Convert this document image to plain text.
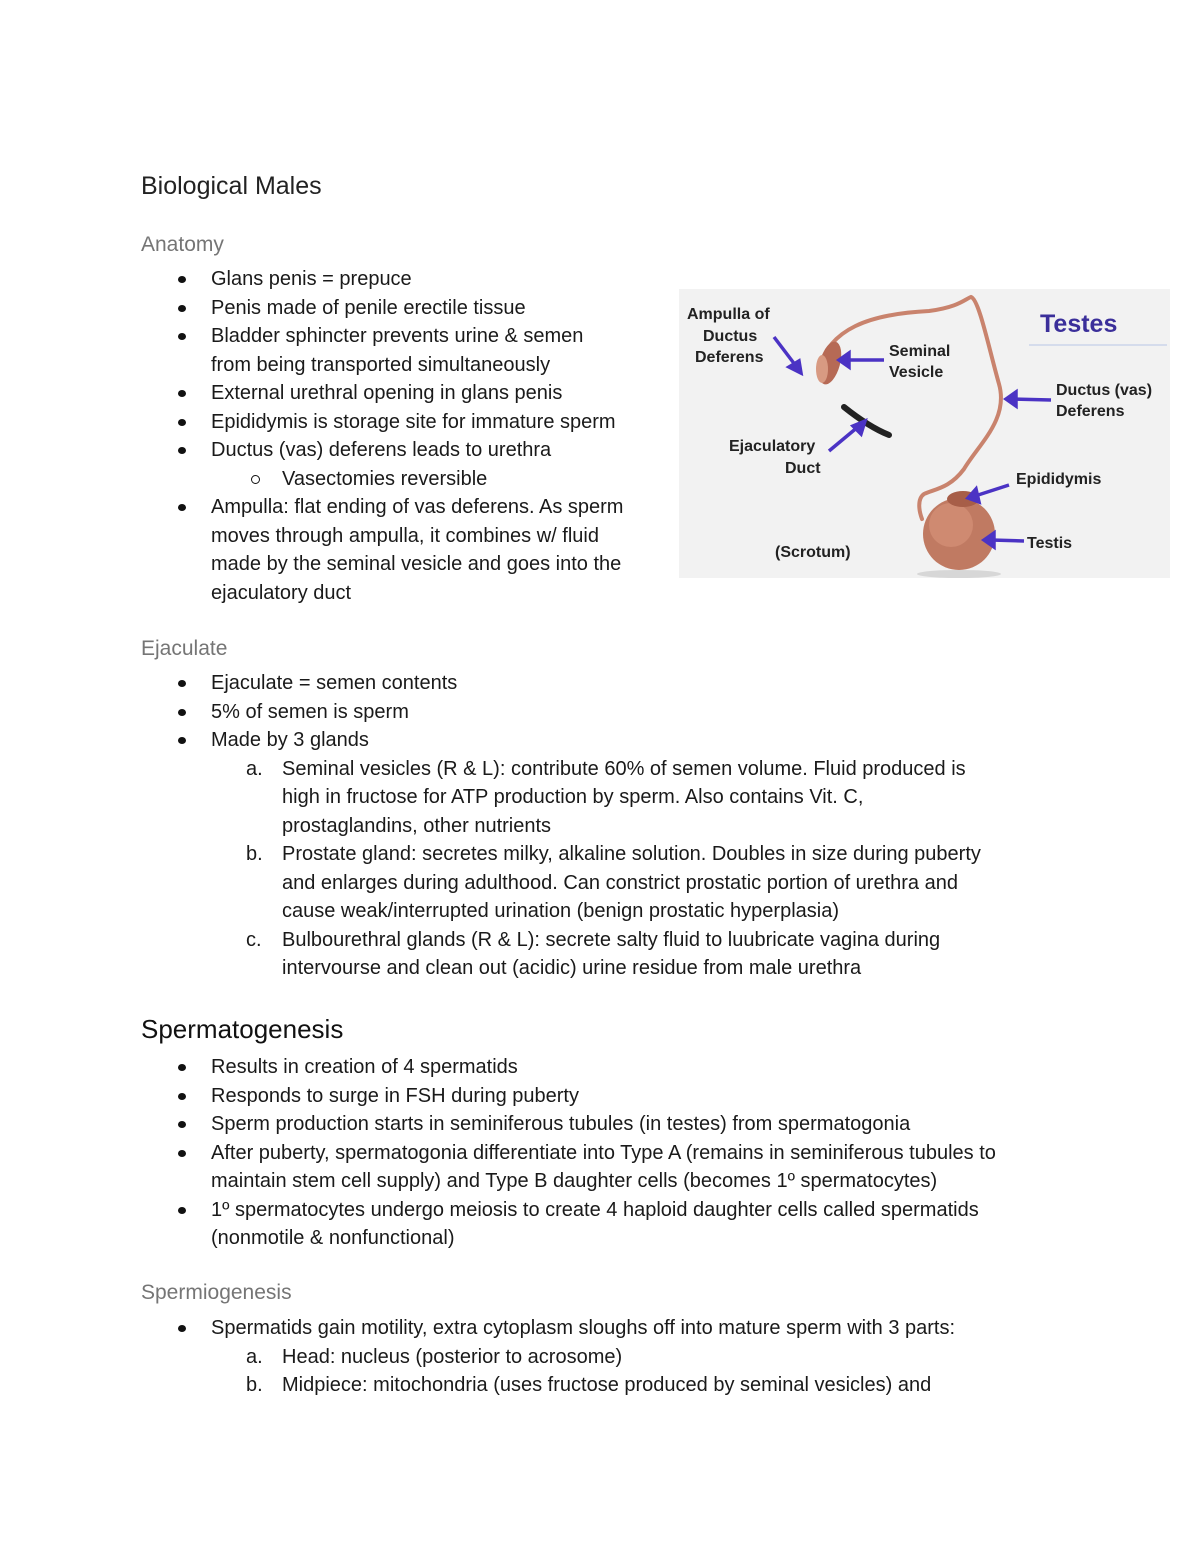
Biological Males
Anatomy
Glans penis = prepuce
Penis made of penile erectile tissue
Bladder sphincter prevents urine & semen
from being transported simultaneously
External urethral opening in glans penis
Epididymis is storage site for immature sperm
Ductus (vas) deferens leads to urethra
Vasectomies reversible
Ampulla: flat ending of vas deferens. As sperm
moves through ampulla, it combines w/ fluid
made by the seminal vesicle and goes into the
ejaculatory duct
Testes
Ampulla of
Ductus
Deferens	Seminal
Vesicle
Ductus (vas)
Deferens
Ejaculatory
Duct
Epididymis
(Scrotum)
Testis
Ejaculate
Ejaculate = semen contents
5% of semen is sperm
Made by 3 glands
a. Seminal vesicles (R & L): contribute 60% of semen volume. Fluid produced is
high in fructose for ATP production by sperm. Also contains Vit. C,
prostaglandins, other nutrients
b. Prostate gland: secretes milky, alkaline solution. Doubles in size during puberty
and enlarges during adulthood. Can constrict prostatic portion of urethra and
cause weak/interrupted urination (benign prostatic hyperplasia)
c. Bulbourethral glands (R & L): secrete salty fluid to luubricate vagina during
intervourse and clean out (acidic) urine residue from male urethra
Spermatogenesis
Results in creation of 4 spermatids
Responds to surge in FSH during puberty
Sperm production starts in seminiferous tubules (in testes) from spermatogonia
After puberty, spermatogonia differentiate into Type A (remains in seminiferous tubules to
maintain stem cell supply) and Type B daughter cells (becomes 1º spermatocytes)
1º spermatocytes undergo meiosis to create 4 haploid daughter cells called spermatids
(nonmotile & nonfunctional)
Spermiogenesis
Spermatids gain motility, extra cytoplasm sloughs off into mature sperm with 3 parts:
a. Head: nucleus (posterior to acrosome)
b. Midpiece: mitochondria (uses fructose produced by seminal vesicles) and
